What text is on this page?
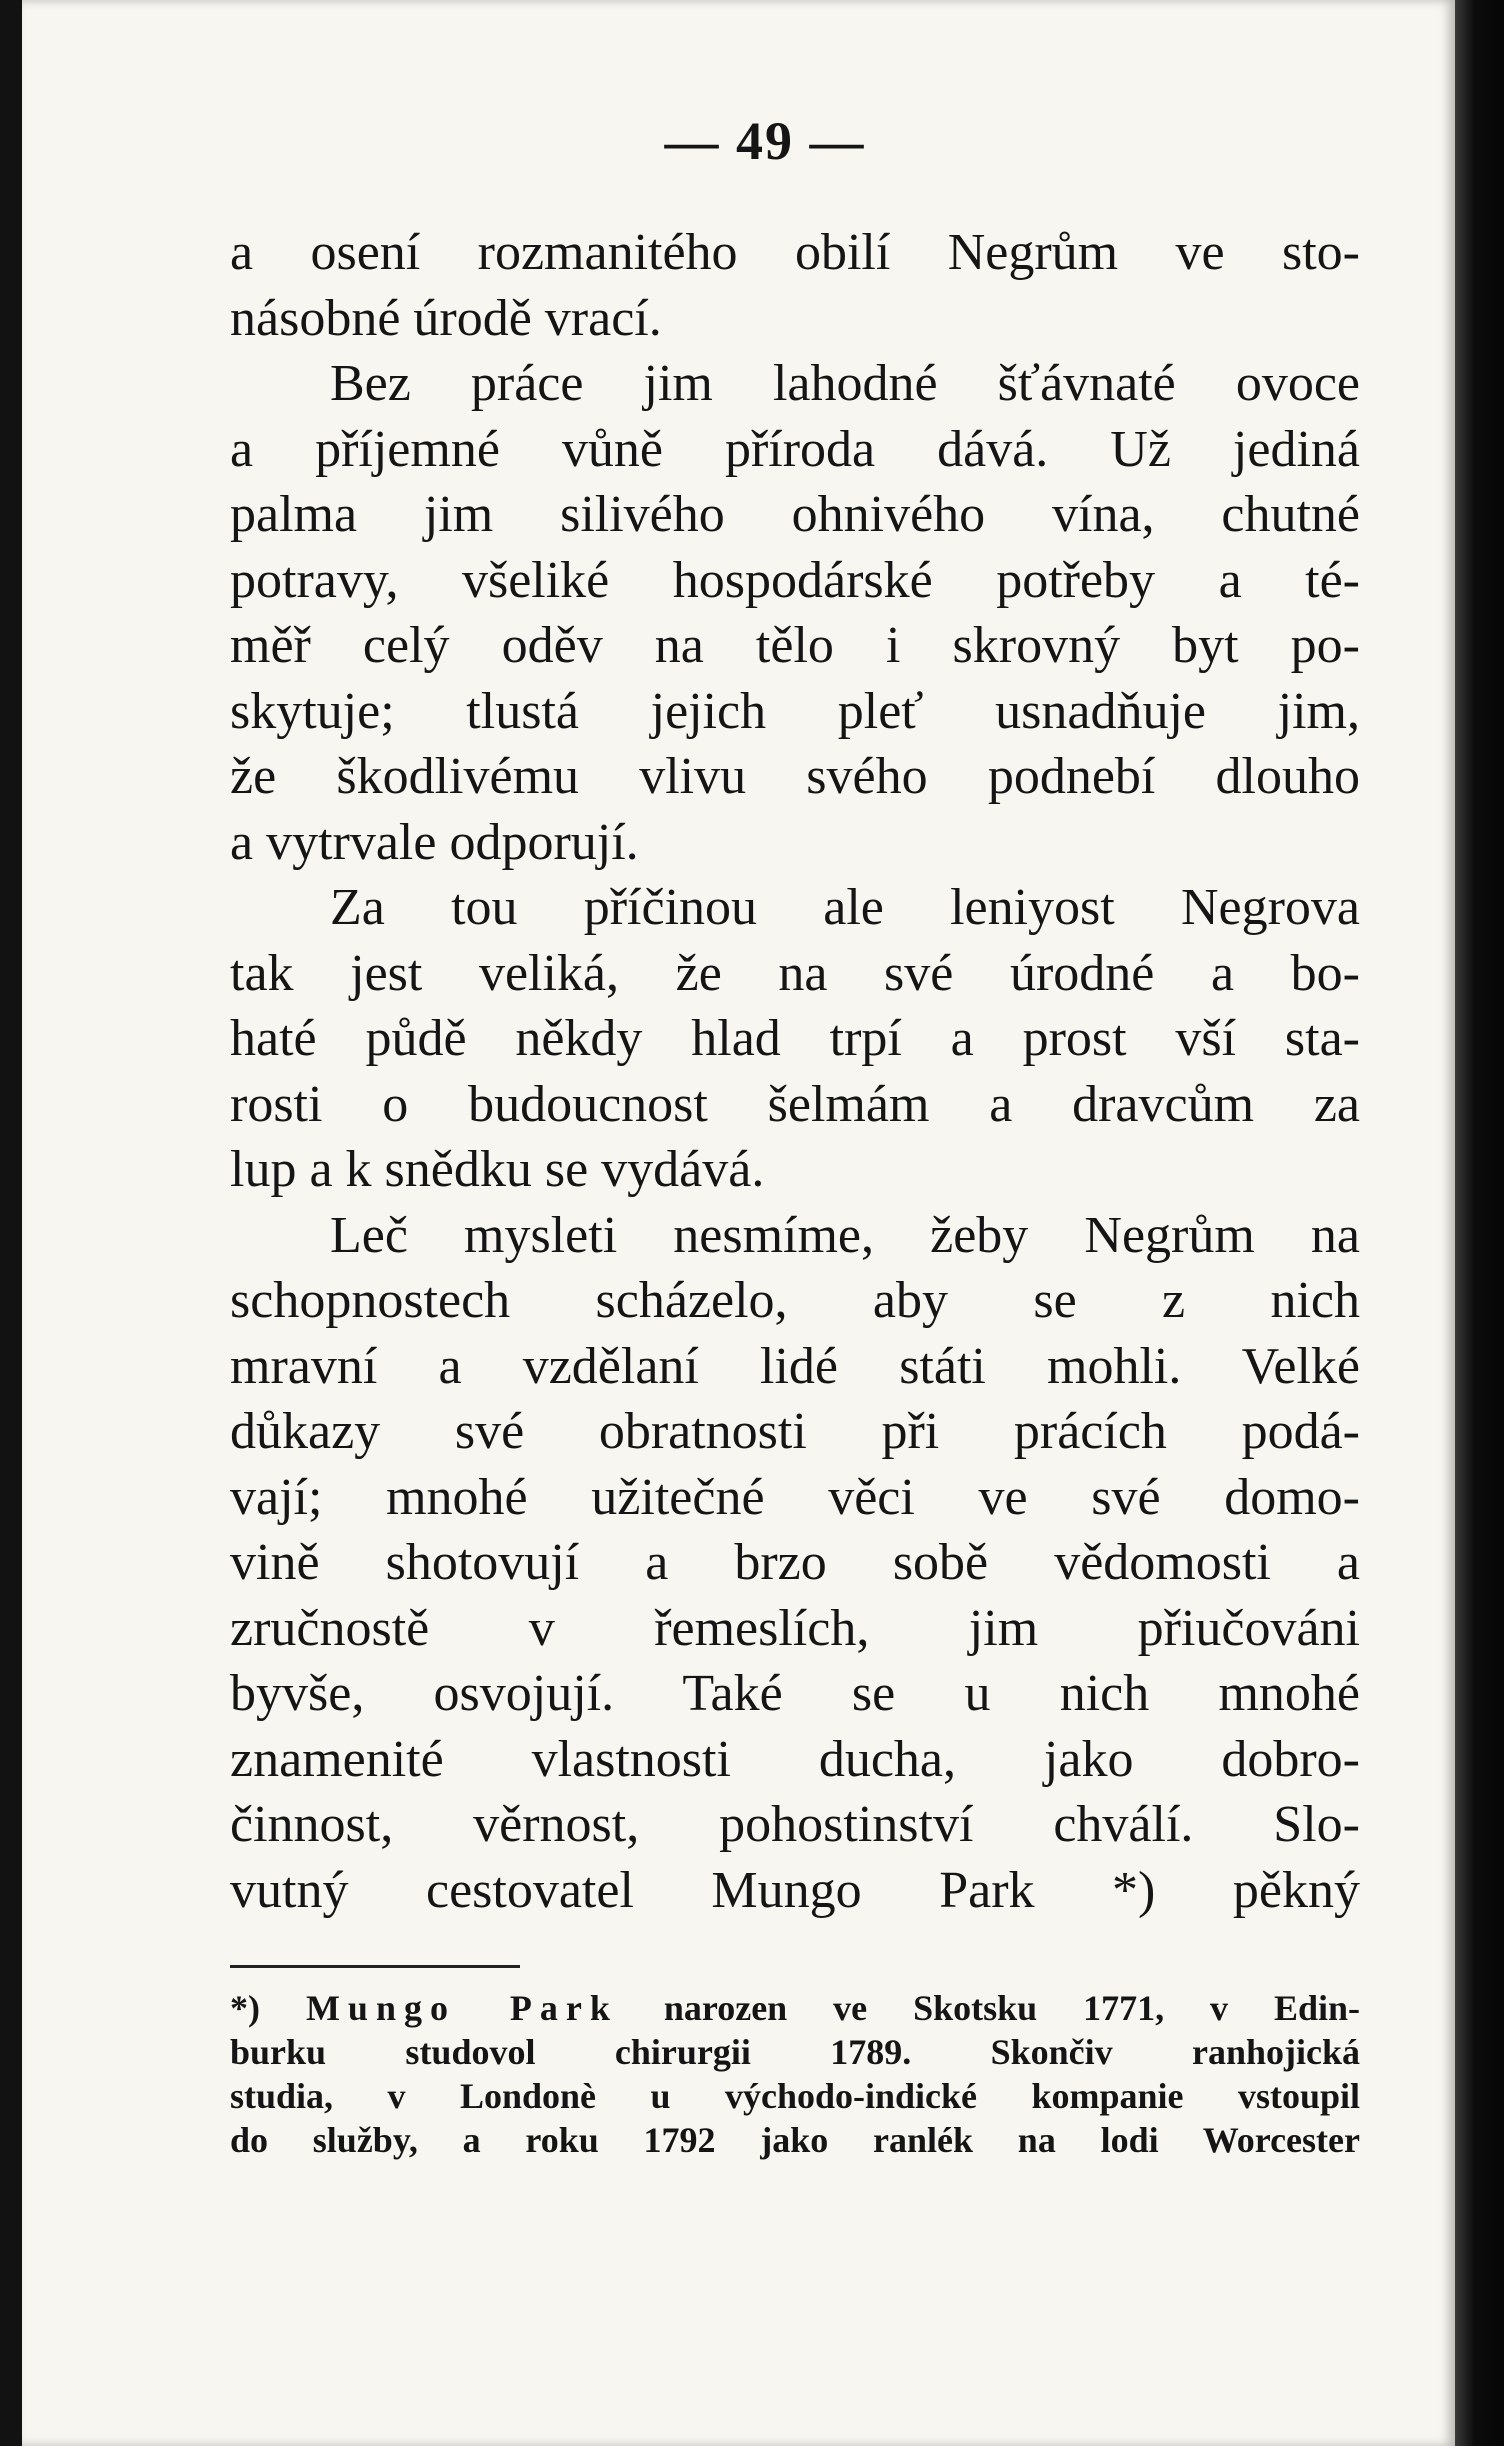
— 49 —

a osení rozmanitého obilí Negrům ve sto-
násobné úrodě vrací.

Bez práce jim lahodné šťávnaté ovoce
a příjemné vůně příroda dává. Už jediná
palma jim silivého ohnivého vína, chutné
potravy, všeliké hospodárské potřeby a té-
měř celý oděv na tělo i skrovný byt po-
skytuje; tlustá jejich pleť usnadňuje jim,
že škodlivému vlivu svého podnebí dlouho
a vytrvale odporují.

Za tou příčinou ale leniyost Negrova
tak jest veliká, že na své úrodné a bo-
haté půdě někdy hlad trpí a prost vší sta-
rosti o budoucnost šelmám a dravcům za
lup a k snědku se vydává.

Leč mysleti nesmíme, žeby Negrům na
schopnostech scházelo, aby se z nich
mravní a vzdělaní lidé státi mohli. Velké
důkazy své obratnosti při prácích podá-
vají; mnohé užitečné věci ve své domo-
vině shotovují a brzo sobě vědomosti a
zručnostě v řemeslích, jim přiučováni
byvše, osvojují. Také se u nich mnohé
znamenité vlastnosti ducha, jako dobro-
činnost, věrnost, pohostinství chválí. Slo-
vutný cestovatel Mungo Park *) pěkný

*) Mungo Park narozen ve Skotsku 1771, v Edin-
burku studovol chirurgii 1789. Skončiv ranhojická
studia, v Londonè u východo-indické kompanie vstoupil
do služby, a roku 1792 jako ranlék na lodi Worcester
